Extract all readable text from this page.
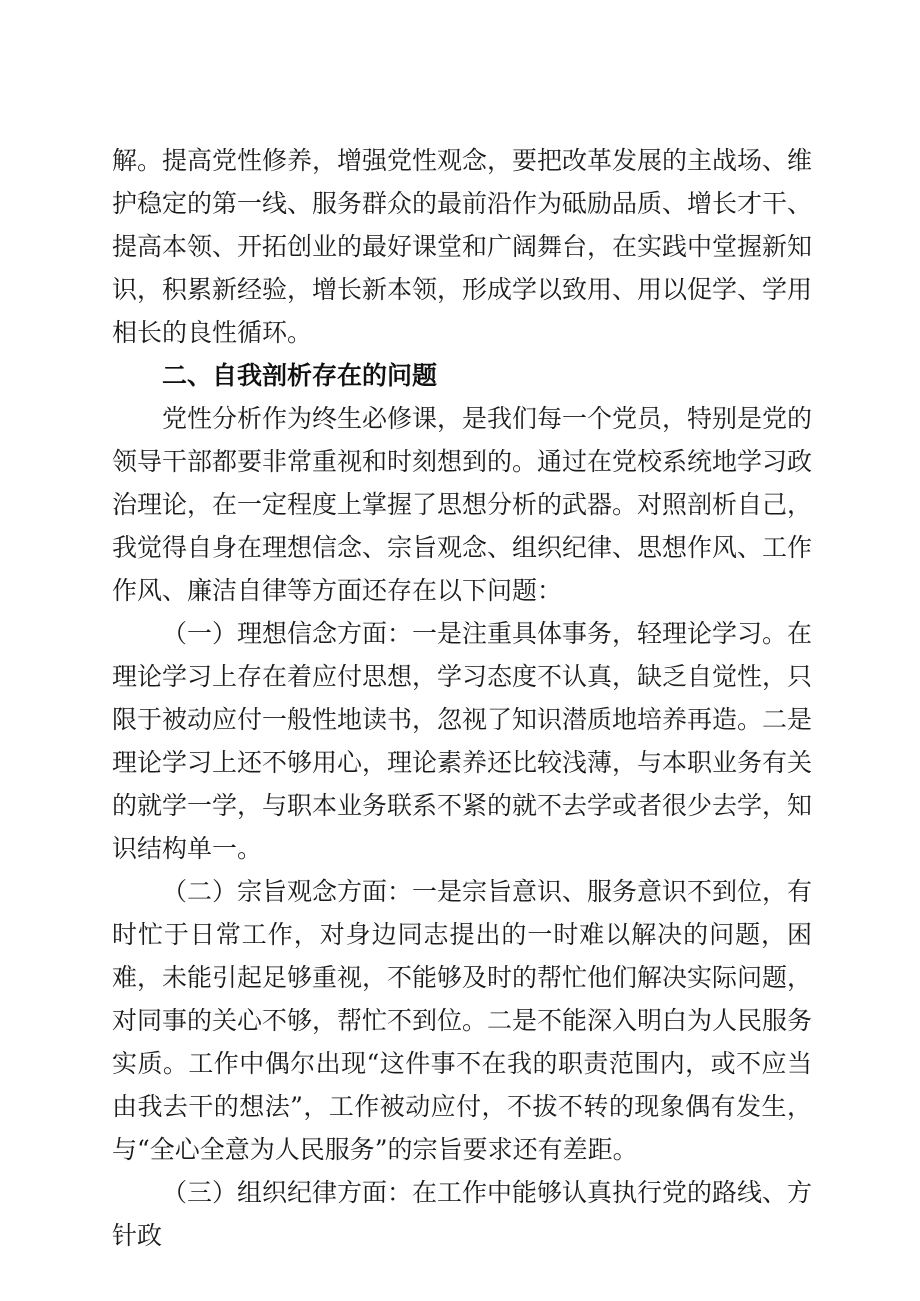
解。提高党性修养，增强党性观念，要把改革发展的主战场、维护稳定的第一线、服务群众的最前沿作为砥励品质、增长才干、提高本领、开拓创业的最好课堂和广阔舞台，在实践中堂握新知识，积累新经验，增长新本领，形成学以致用、用以促学、学用相长的良性循环。

二、自我剖析存在的问题

党性分析作为终生必修课，是我们每一个党员，特别是党的领导干部都要非常重视和时刻想到的。通过在党校系统地学习政治理论，在一定程度上掌握了思想分析的武器。对照剖析自己，我觉得自身在理想信念、宗旨观念、组织纪律、思想作风、工作作风、廉洁自律等方面还存在以下问题：

（一）理想信念方面：一是注重具体事务，轻理论学习。在理论学习上存在着应付思想，学习态度不认真，缺乏自觉性，只限于被动应付一般性地读书，忽视了知识潜质地培养再造。二是理论学习上还不够用心，理论素养还比较浅薄，与本职业务有关的就学一学，与职本业务联系不紧的就不去学或者很少去学，知识结构单一。

（二）宗旨观念方面：一是宗旨意识、服务意识不到位，有时忙于日常工作，对身边同志提出的一时难以解决的问题，困难，未能引起足够重视，不能够及时的帮忙他们解决实际问题，对同事的关心不够，帮忙不到位。二是不能深入明白为人民服务实质。工作中偶尔出现“这件事不在我的职责范围内，或不应当由我去干的想法”，工作被动应付，不拔不转的现象偶有发生，与“全心全意为人民服务”的宗旨要求还有差距。

（三）组织纪律方面：在工作中能够认真执行党的路线、方针政
